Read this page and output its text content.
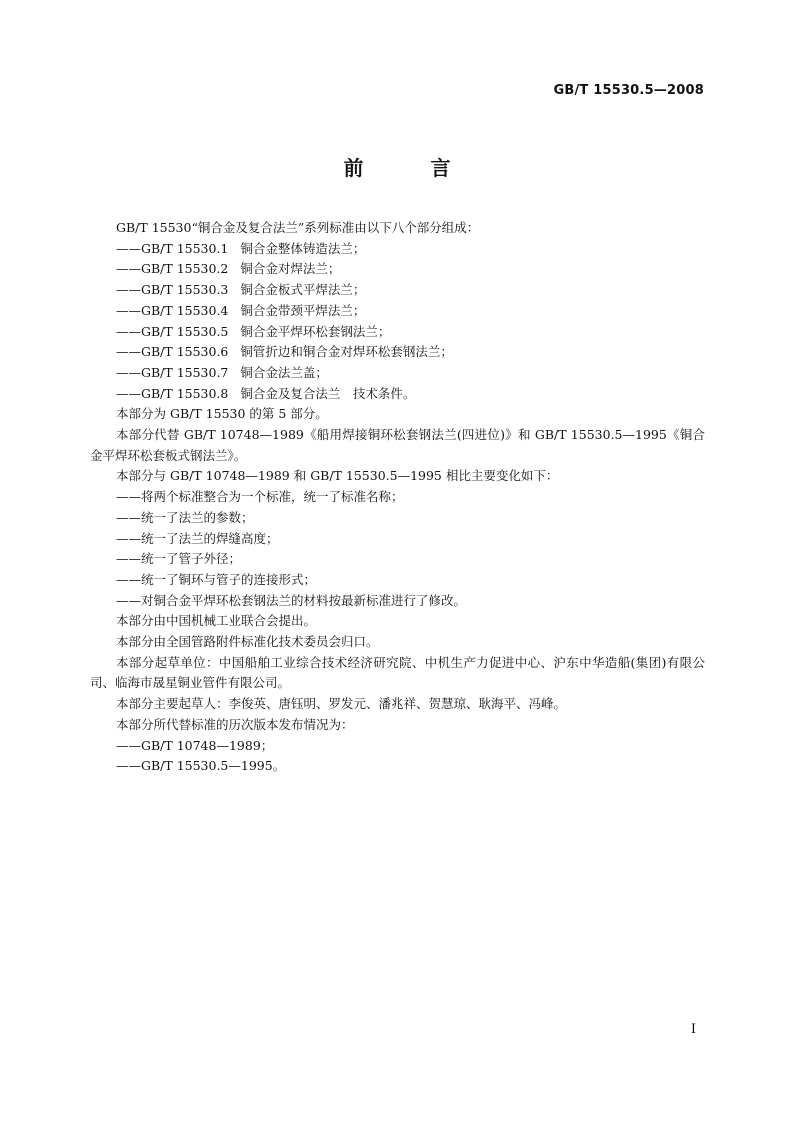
GB/T 15530.5—2008
前 言
GB/T 15530“铜合金及复合法兰”系列标准由以下八个部分组成：
——GB/T 15530.1 铜合金整体铸造法兰；
——GB/T 15530.2 铜合金对焊法兰；
——GB/T 15530.3 铜合金板式平焊法兰；
——GB/T 15530.4 铜合金带颈平焊法兰；
——GB/T 15530.5 铜合金平焊环松套钢法兰；
——GB/T 15530.6 铜管折边和铜合金对焊环松套钢法兰；
——GB/T 15530.7 铜合金法兰盖；
——GB/T 15530.8 铜合金及复合法兰　技术条件。
本部分为 GB/T 15530 的第 5 部分。
本部分代替 GB/T 10748—1989《船用焊接铜环松套钢法兰(四进位)》和 GB/T 15530.5—1995《铜合金平焊环松套板式钢法兰》。
本部分与 GB/T 10748—1989 和 GB/T 15530.5—1995 相比主要变化如下：
——将两个标准整合为一个标准，统一了标准名称；
——统一了法兰的参数；
——统一了法兰的焊缝高度；
——统一了管子外径；
——统一了铜环与管子的连接形式；
——对铜合金平焊环松套钢法兰的材料按最新标准进行了修改。
本部分由中国机械工业联合会提出。
本部分由全国管路附件标准化技术委员会归口。
本部分起草单位：中国船舶工业综合技术经济研究院、中机生产力促进中心、沪东中华造船(集团)有限公司、临海市晟星铜业管件有限公司。
本部分主要起草人：李俊英、唐钰明、罗发元、潘兆祥、贺慧琼、耿海平、冯峰。
本部分所代替标准的历次版本发布情况为：
——GB/T 10748—1989；
——GB/T 15530.5—1995。
I
